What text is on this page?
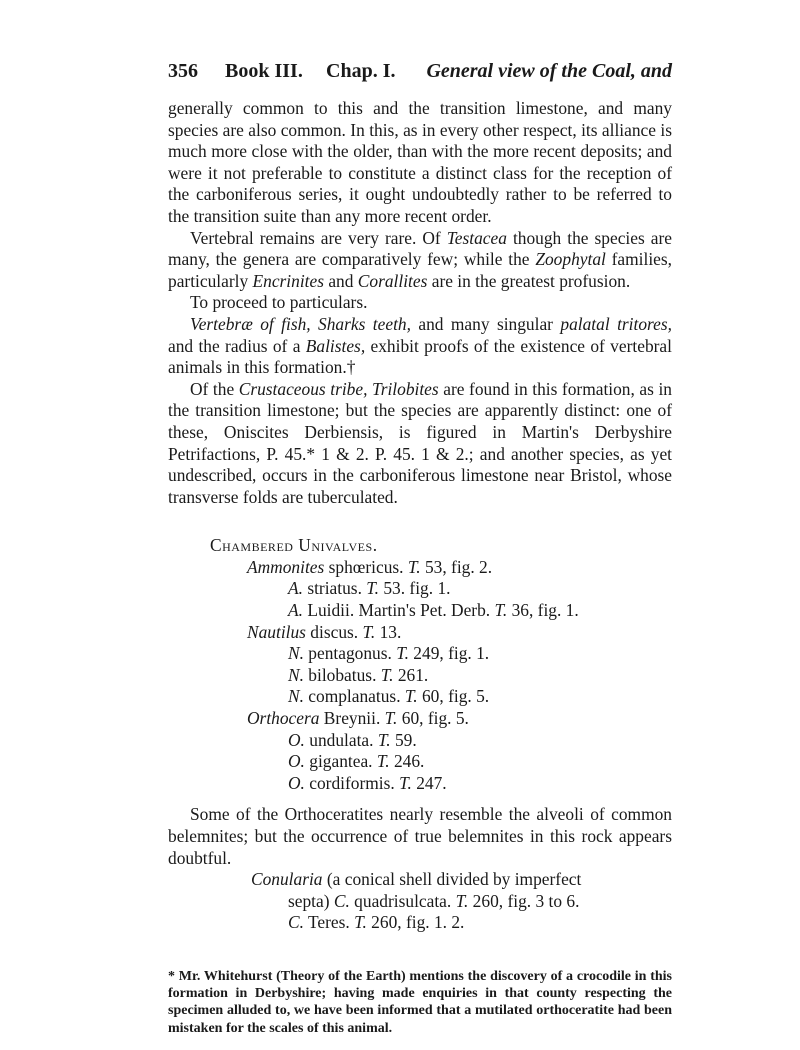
356 Book III. Chap. I. General view of the Coal, and

generally common to this and the transition limestone, and many species are also common. In this, as in every other respect, its alliance is much more close with the older, than with the more recent deposits; and were it not preferable to constitute a distinct class for the reception of the carboniferous series, it ought undoubtedly rather to be referred to the transition suite than any more recent order.

Vertebral remains are very rare. Of Testacea though the species are many, the genera are comparatively few; while the Zoophytal families, particularly Encrinites and Corallites are in the greatest profusion.

To proceed to particulars.

Vertebræ of fish, Sharks teeth, and many singular palatal tritores, and the radius of a Balistes, exhibit proofs of the existence of vertebral animals in this formation.†

Of the Crustaceous tribe, Trilobites are found in this formation, as in the transition limestone; but the species are apparently distinct: one of these, Oniscites Derbiensis, is figured in Martin's Derbyshire Petrifactions, P. 45.* 1 & 2. P. 45. 1 & 2.; and another species, as yet undescribed, occurs in the carboniferous limestone near Bristol, whose transverse folds are tuberculated.

Chambered Univalves.
Ammonites sphœricus. T. 53, fig. 2.
A. striatus. T. 53. fig. 1.
A. Luidii. Martin's Pet. Derb. T. 36, fig. 1.
Nautilus discus. T. 13.
N. pentagonus. T. 249, fig. 1.
N. bilobatus. T. 261.
N. complanatus. T. 60, fig. 5.
Orthocera Breynii. T. 60, fig. 5.
O. undulata. T. 59.
O. gigantea. T. 246.
O. cordiformis. T. 247.

Some of the Orthoceratites nearly resemble the alveoli of common belemnites; but the occurrence of true belemnites in this rock appears doubtful.

Conularia (a conical shell divided by imperfect
septa) C. quadrisulcata. T. 260, fig. 3 to 6.
C. Teres. T. 260, fig. 1. 2.
* Mr. Whitehurst (Theory of the Earth) mentions the discovery of a crocodile in this formation in Derbyshire; having made enquiries in that county respecting the specimen alluded to, we have been informed that a mutilated orthoceratite had been mistaken for the scales of this animal.
